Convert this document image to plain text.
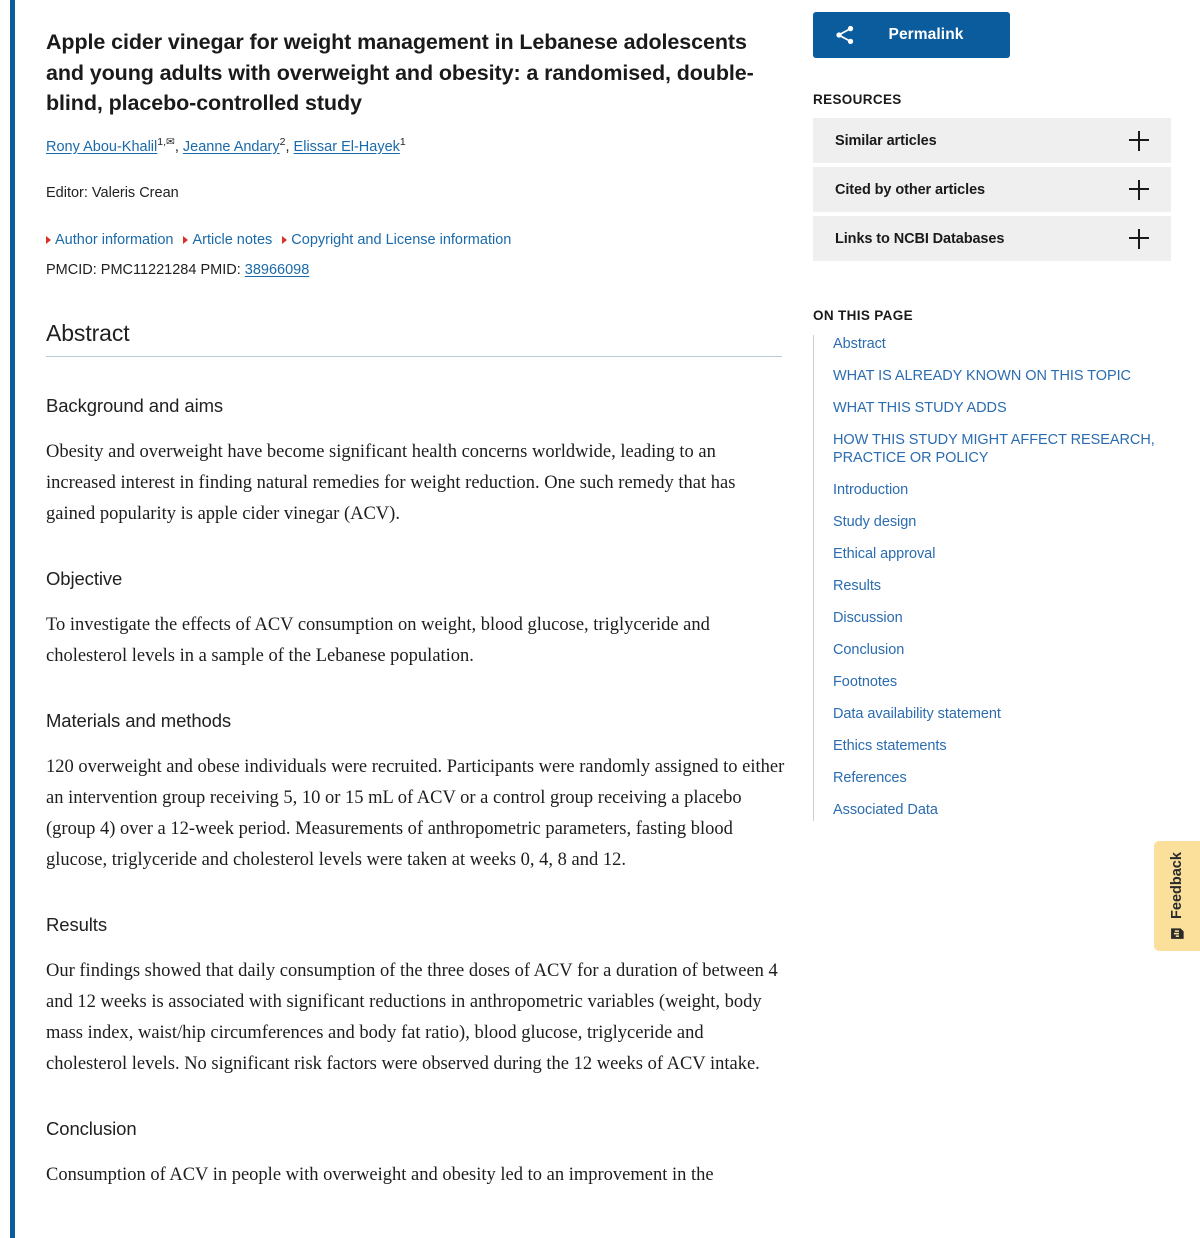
Apple cider vinegar for weight management in Lebanese adolescents and young adults with overweight and obesity: a randomised, double-blind, placebo-controlled study
Rony Abou-Khalil$^{1,✉}$, Jeanne Andary$^2$, Elissar El-Hayek$^1$
Editor: Valeris Crean
Author information Article notes Copyright and License information
PMCID: PMC11221284 PMID: 38966098
Abstract
Background and aims

Obesity and overweight have become significant health concerns worldwide, leading to an increased interest in finding natural remedies for weight reduction. One such remedy that has gained popularity is apple cider vinegar (ACV).

Objective

To investigate the effects of ACV consumption on weight, blood glucose, triglyceride and cholesterol levels in a sample of the Lebanese population.

Materials and methods

120 overweight and obese individuals were recruited. Participants were randomly assigned to either an intervention group receiving 5, 10 or 15 mL of ACV or a control group receiving a placebo (group 4) over a 12-week period. Measurements of anthropometric parameters, fasting blood glucose, triglyceride and cholesterol levels were taken at weeks 0, 4, 8 and 12.

Results

Our findings showed that daily consumption of the three doses of ACV for a duration of between 4 and 12 weeks is associated with significant reductions in anthropometric variables (weight, body mass index, waist/hip circumferences and body fat ratio), blood glucose, triglyceride and cholesterol levels. No significant risk factors were observed during the 12 weeks of ACV intake.

Conclusion

Consumption of ACV in people with overweight and obesity led to an improvement in the

Permalink
RESOURCES
Similar articles
Cited by other articles
Links to NCBI Databases
ON THIS PAGE
Abstract
WHAT IS ALREADY KNOWN ON THIS TOPIC
WHAT THIS STUDY ADDS
HOW THIS STUDY MIGHT AFFECT RESEARCH, PRACTICE OR POLICY
Introduction
Study design
Ethical approval
Results
Discussion
Conclusion
Footnotes
Data availability statement
Ethics statements
References
Associated Data
Feedback
